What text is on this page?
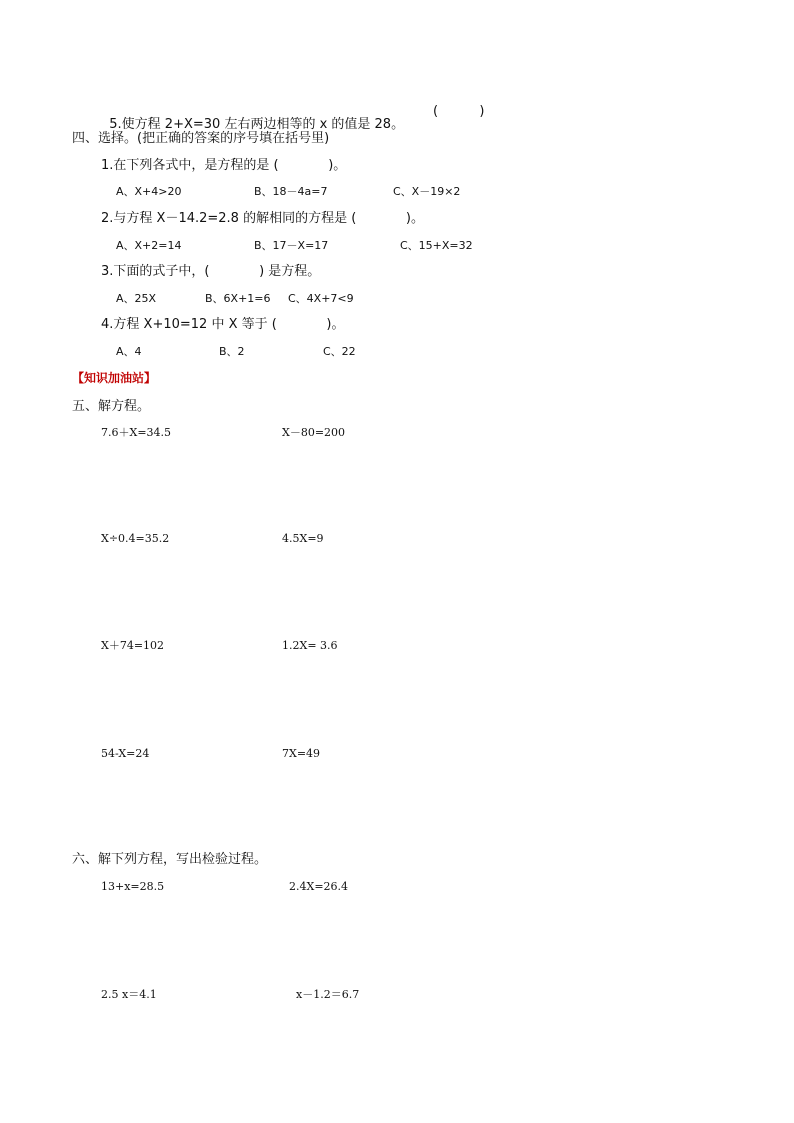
5.使方程 2+X=30 左右两边相等的 x 的值是 28。

(          )
四、选择。(把正确的答案的序号填在括号里)
1.在下列各式中，是方程的是 (            )。
A、X+4>20	B、18－4a=7	C、X－19×2
2.与方程 X－14.2=2.8 的解相同的方程是 (            )。
A、X+2=14	B、17－X=17	C、15+X=32
3.下面的式子中，(            ) 是方程。
A、25X	B、6X+1=6 C、4X+7<9
4.方程 X+10=12 中 X 等于 (            )。
A、4	B、2	C、22
【知识加油站】
五、解方程。
7.6＋X=34.5	X－80=200
X÷0.4=35.2	4.5X=9
X＋74=102	1.2X= 3.6
54-X=24	7X=49
六、解下列方程，写出检验过程。
13+x=28.5	2.4X=26.4
2.5 x＝4.1	x－1.2＝6.7
